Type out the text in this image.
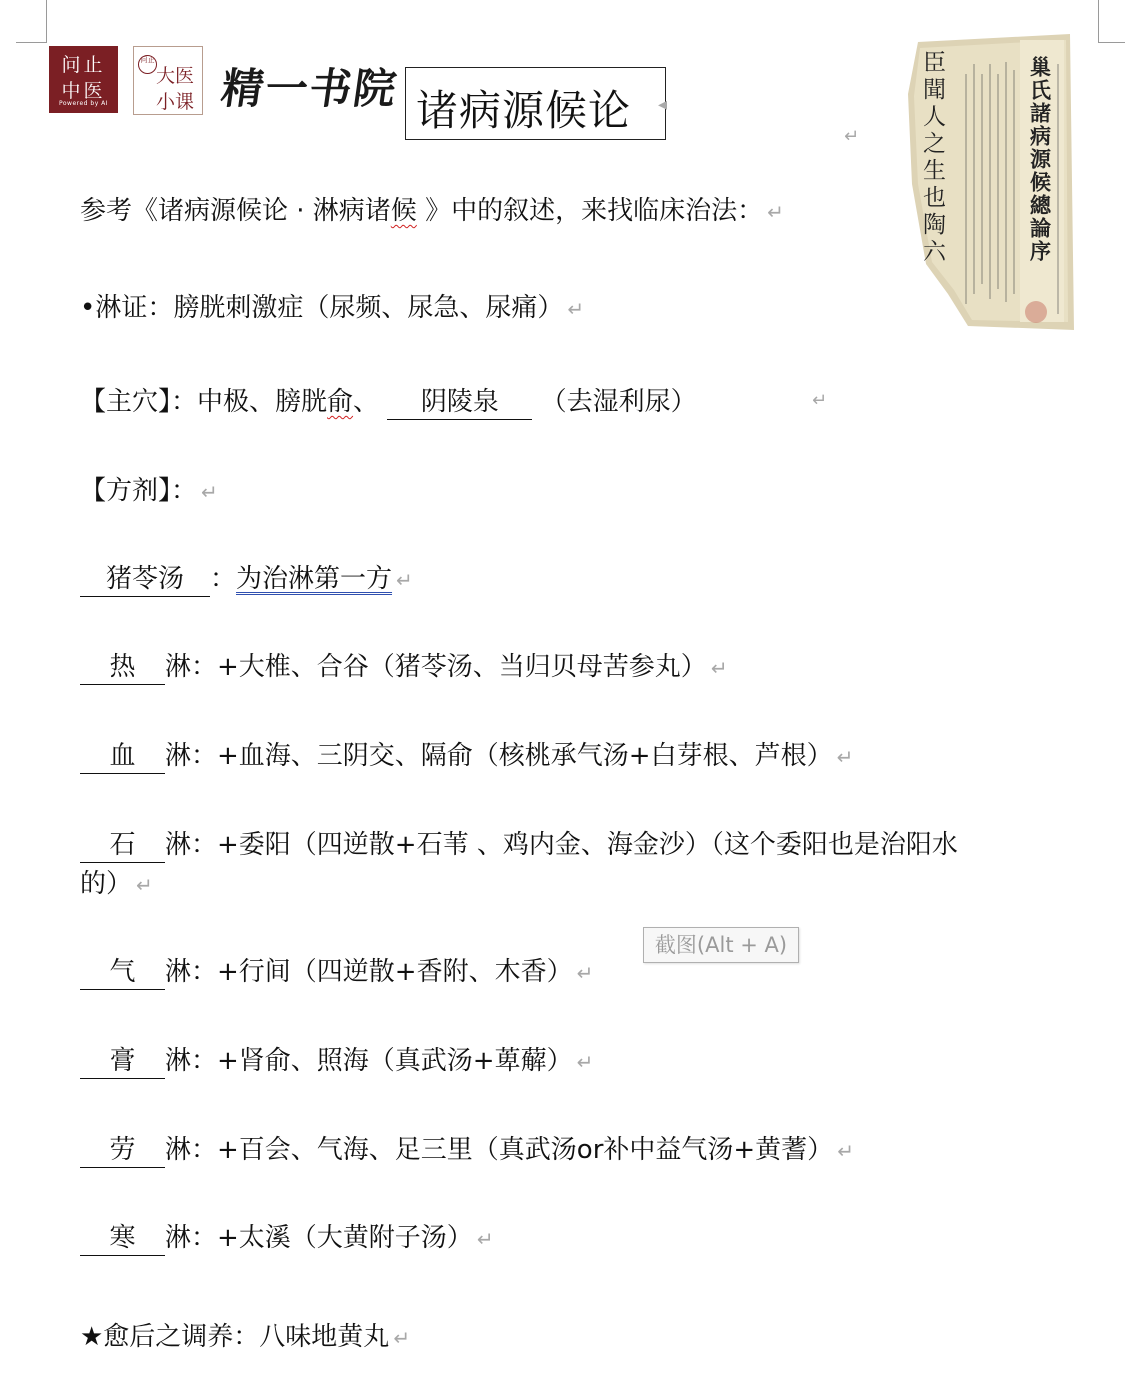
问止
中医
Powered by AI
问止
大医
小课 精一书院 诸病源候论 ◂
↵	巢氏諸病源候總論序
臣聞人之生也陶六
参考《诸病源候论 · 淋病诸候 》中的叙述，来找临床治法： ↵
•淋证：膀胱刺激症（尿频、尿急、尿痛） ↵
【主穴】：中极、膀胱俞、 阴陵泉 （去湿利尿）	↵
【方剂】： ↵
猪苓汤 ：为治淋第一方 ↵
热 淋：+大椎、合谷（猪苓汤、当归贝母苦参丸） ↵
血 淋：+血海、三阴交、隔俞（核桃承气汤+白芽根、芦根） ↵
石 淋：+委阳（四逆散+石苇 、鸡内金、海金沙）（这个委阳也是治阳水
的） ↵
气 淋：+行间（四逆散+香附、木香） ↵
截图(Alt + A)
膏 淋：+肾俞、照海（真武汤+萆薢） ↵
劳 淋：+百会、气海、足三里（真武汤or补中益气汤+黄蓍） ↵
寒 淋：+太溪（大黄附子汤） ↵
★愈后之调养：八味地黄丸 ↵
